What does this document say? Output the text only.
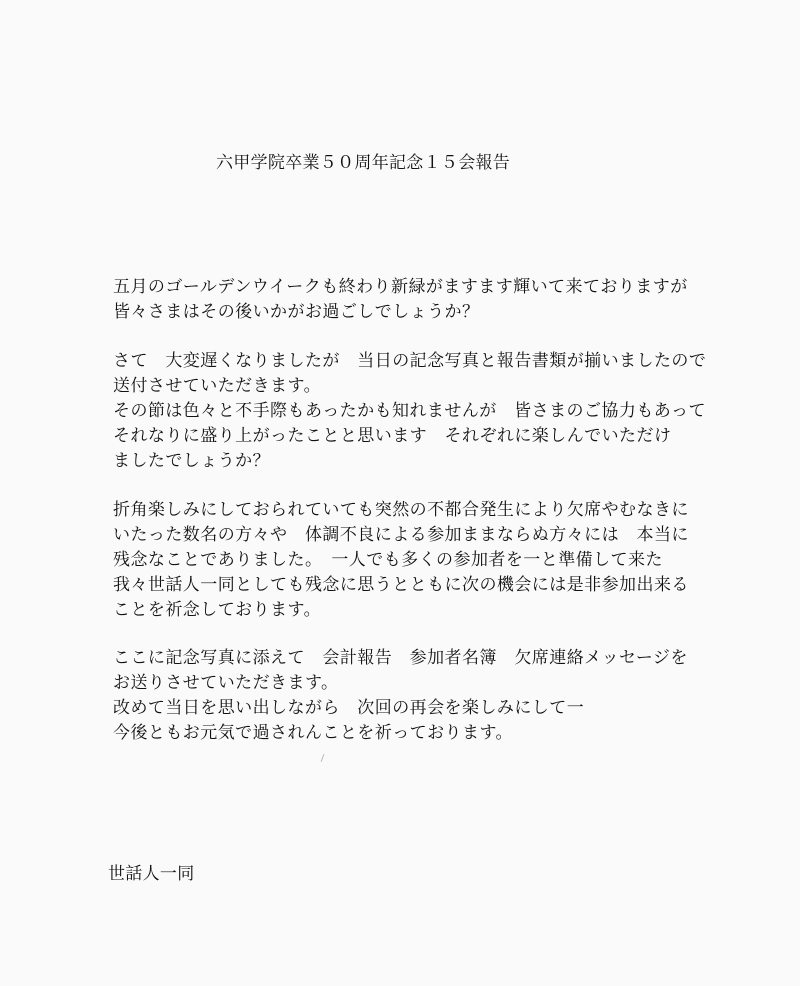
六甲学院卒業５０周年記念１５会報告
五月のゴールデンウイークも終わり新緑がますます輝いて来ておりますが
皆々さまはその後いかがお過ごしでしょうか？
さて　大変遅くなりましたが　当日の記念写真と報告書類が揃いましたので
送付させていただきます。
その節は色々と不手際もあったかも知れませんが　皆さまのご協力もあって
それなりに盛り上がったことと思います　それぞれに楽しんでいただけ
ましたでしょうか？
折角楽しみにしておられていても突然の不都合発生により欠席やむなきに
いたった数名の方々や　体調不良による参加ままならぬ方々には　本当に
残念なことでありました。　一人でも多くの参加者を一と準備して来た
我々世話人一同としても残念に思うとともに次の機会には是非参加出来る
ことを祈念しております。
ここに記念写真に添えて　会計報告　参加者名簿　欠席連絡メッセージを
お送りさせていただきます。
改めて当日を思い出しながら　次回の再会を楽しみにして一
今後ともお元気で過されんことを祈っております。
世話人一同
